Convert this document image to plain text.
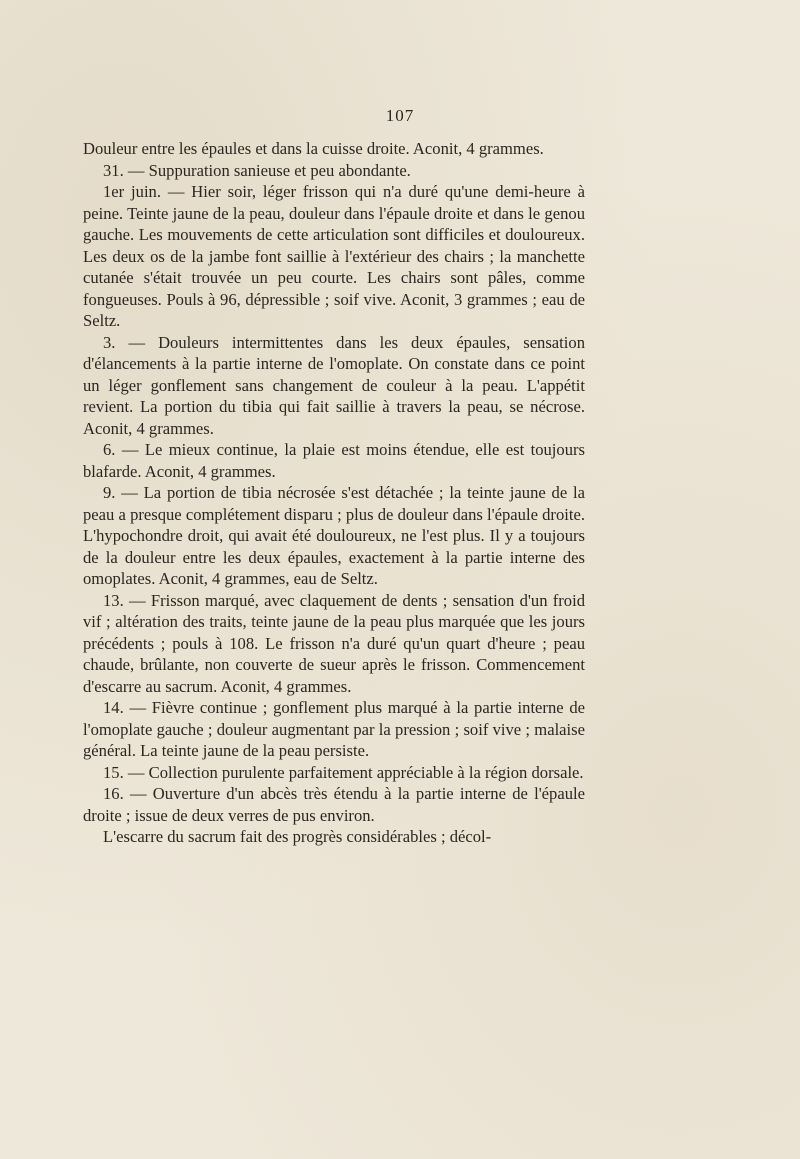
107

Douleur entre les épaules et dans la cuisse droite. Aconit, 4 grammes.

31. — Suppuration sanieuse et peu abondante.

1er juin. — Hier soir, léger frisson qui n'a duré qu'une demi-heure à peine. Teinte jaune de la peau, douleur dans l'épaule droite et dans le genou gauche. Les mouvements de cette articulation sont difficiles et douloureux. Les deux os de la jambe font saillie à l'extérieur des chairs ; la manchette cutanée s'était trouvée un peu courte. Les chairs sont pâles, comme fongueuses. Pouls à 96, dépressible ; soif vive. Aconit, 3 grammes ; eau de Seltz.

3. — Douleurs intermittentes dans les deux épaules, sensation d'élancements à la partie interne de l'omoplate. On constate dans ce point un léger gonflement sans changement de couleur à la peau. L'appétit revient. La portion du tibia qui fait saillie à travers la peau, se nécrose. Aconit, 4 grammes.

6. — Le mieux continue, la plaie est moins étendue, elle est toujours blafarde. Aconit, 4 grammes.

9. — La portion de tibia nécrosée s'est détachée ; la teinte jaune de la peau a presque complétement disparu ; plus de douleur dans l'épaule droite. L'hypochondre droit, qui avait été douloureux, ne l'est plus. Il y a toujours de la douleur entre les deux épaules, exactement à la partie interne des omoplates. Aconit, 4 grammes, eau de Seltz.

13. — Frisson marqué, avec claquement de dents ; sensation d'un froid vif ; altération des traits, teinte jaune de la peau plus marquée que les jours précédents ; pouls à 108. Le frisson n'a duré qu'un quart d'heure ; peau chaude, brûlante, non couverte de sueur après le frisson. Commencement d'escarre au sacrum. Aconit, 4 grammes.

14. — Fièvre continue ; gonflement plus marqué à la partie interne de l'omoplate gauche ; douleur augmentant par la pression ; soif vive ; malaise général. La teinte jaune de la peau persiste.

15. — Collection purulente parfaitement appréciable à la région dorsale.

16. — Ouverture d'un abcès très étendu à la partie interne de l'épaule droite ; issue de deux verres de pus environ.

L'escarre du sacrum fait des progrès considérables ; décol-
